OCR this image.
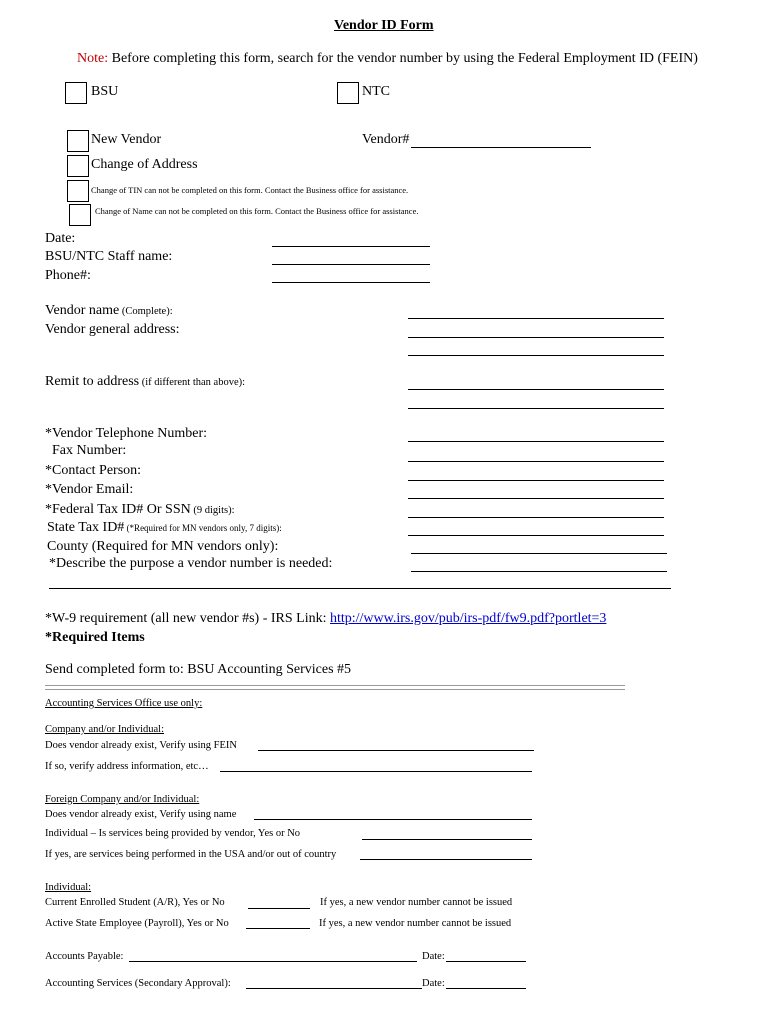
Vendor ID Form
Note: Before completing this form, search for the vendor number by using the Federal Employment ID (FEIN)
BSU	NTC
New Vendor	Vendor#
Change of Address
Change of TIN can not be completed on this form. Contact the Business office for assistance.
Change of Name can not be completed on this form. Contact the Business office for assistance.
Date:
BSU/NTC Staff name:
Phone#:
Vendor name (Complete):
Vendor general address:
Remit to address (if different than above):
*Vendor Telephone Number:
Fax Number:
*Contact Person:
*Vendor Email:
*Federal Tax ID# Or SSN (9 digits):
State Tax ID# (*Required for MN vendors only, 7 digits):
County (Required for MN vendors only):
*Describe the purpose a vendor number is needed:
*W-9 requirement (all new vendor #s) - IRS Link: http://www.irs.gov/pub/irs-pdf/fw9.pdf?portlet=3
*Required Items
Send completed form to: BSU Accounting Services #5
Accounting Services Office use only:
Company and/or Individual:
Does vendor already exist, Verify using FEIN
If so, verify address information, etc…
Foreign Company and/or Individual:
Does vendor already exist, Verify using name
Individual – Is services being provided by vendor, Yes or No
If yes, are services being performed in the USA and/or out of country
Individual:
Current Enrolled Student (A/R), Yes or No	If yes, a new vendor number cannot be issued
Active State Employee (Payroll), Yes or No	If yes, a new vendor number cannot be issued
Accounts Payable:	Date:
Accounting Services (Secondary Approval):	Date:
